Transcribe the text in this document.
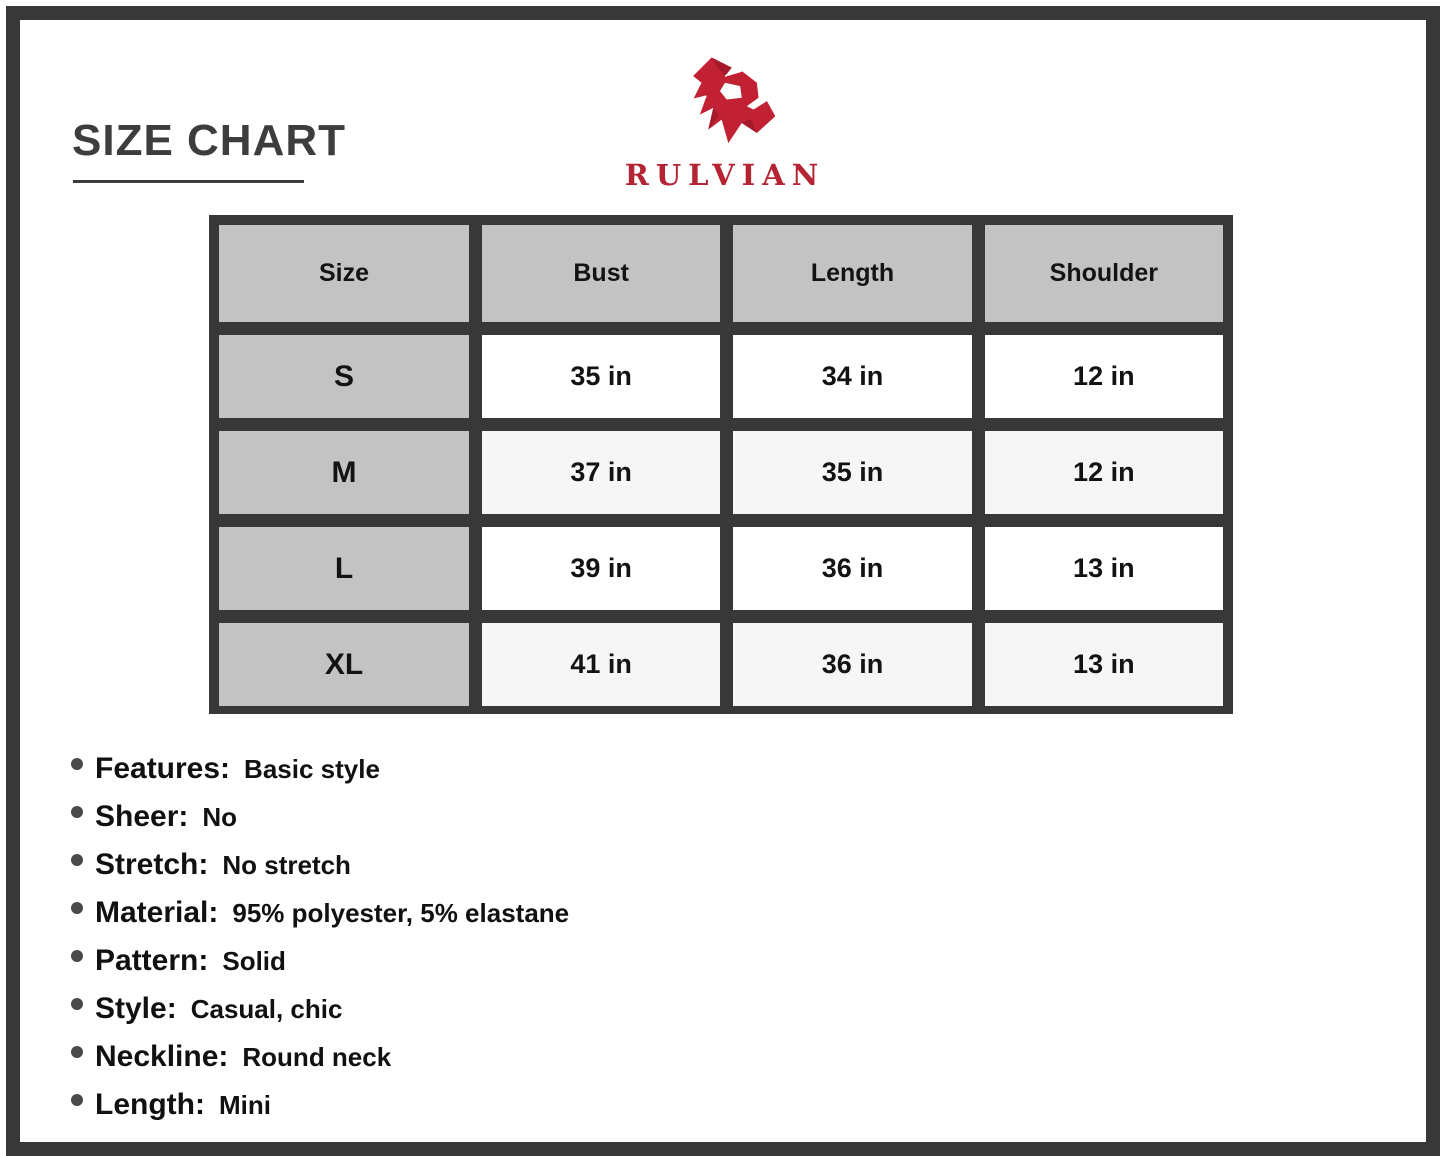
SIZE CHART
RULVIAN
Size	Bust	Length	Shoulder
S	35 in	34 in	12 in
M	37 in	35 in	12 in
L	39 in	36 in	13 in
XL	41 in	36 in	13 in
Features: Basic style
Sheer: No
Stretch: No stretch
Material: 95% polyester, 5% elastane
Pattern: Solid
Style: Casual, chic
Neckline: Round neck
Length: Mini
